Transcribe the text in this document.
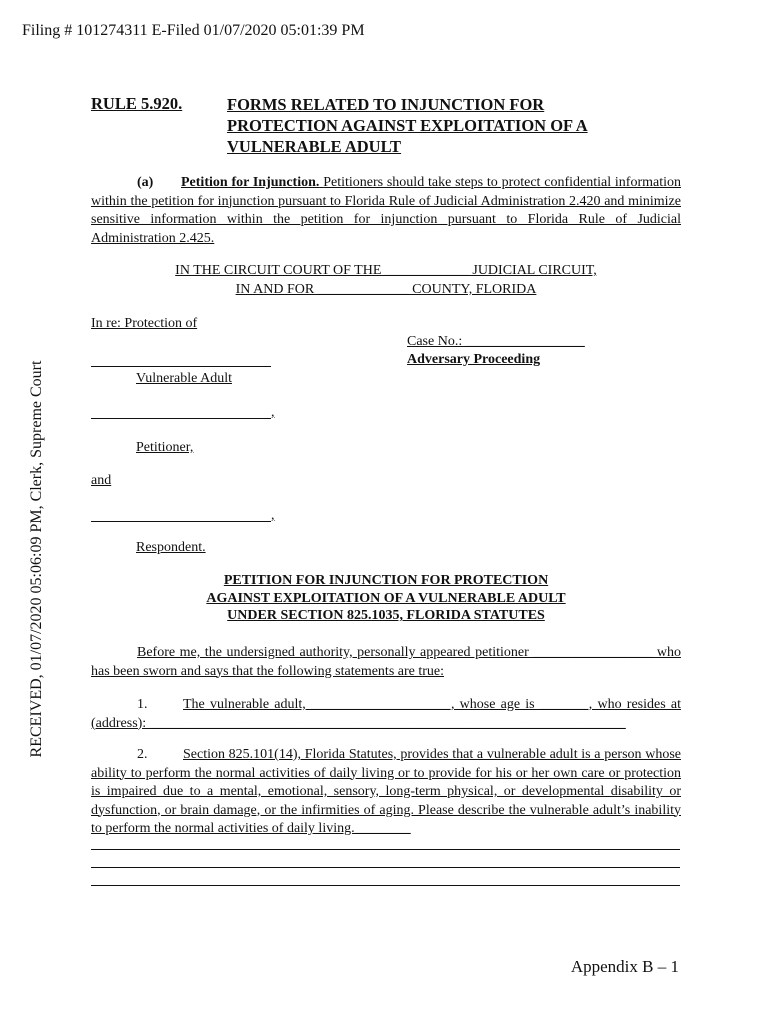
Filing # 101274311 E-Filed 01/07/2020 05:01:39 PM
RECEIVED, 01/07/2020 05:06:09 PM, Clerk, Supreme Court
RULE 5.920.	FORMS RELATED TO INJUNCTION FOR
PROTECTION AGAINST EXPLOITATION OF A
VULNERABLE ADULT
(a) Petition for Injunction. Petitioners should take steps to protect confidential information within the petition for injunction pursuant to Florida Rule of Judicial Administration 2.420 and minimize sensitive information within the petition for injunction pursuant to Florida Rule of Judicial Administration 2.425.
IN THE CIRCUIT COURT OF THE ____________ JUDICIAL CIRCUIT,
IN AND FOR _____________ COUNTY, FLORIDA
In re: Protection of
Case No.: _________________
Adversary Proceeding
Vulnerable Adult
,
Petitioner,
and
,
Respondent.
PETITION FOR INJUNCTION FOR PROTECTION
AGAINST EXPLOITATION OF A VULNERABLE ADULT
UNDER SECTION 825.1035, FLORIDA STATUTES
Before me, the undersigned authority, personally appeared petitioner _________________ who has been sworn and says that the following statements are true:
1.	The vulnerable adult, ____________________, whose age is _______, who resides at (address): ____________________________________________________________________
2.	Section 825.101(14), Florida Statutes, provides that a vulnerable adult is a person whose ability to perform the normal activities of daily living or to provide for his or her own care or protection is impaired due to a mental, emotional, sensory, long-term physical, or developmental disability or dysfunction, or brain damage, or the infirmities of aging. Please describe the vulnerable adult’s inability to perform the normal activities of daily living.________
Appendix B – 1
